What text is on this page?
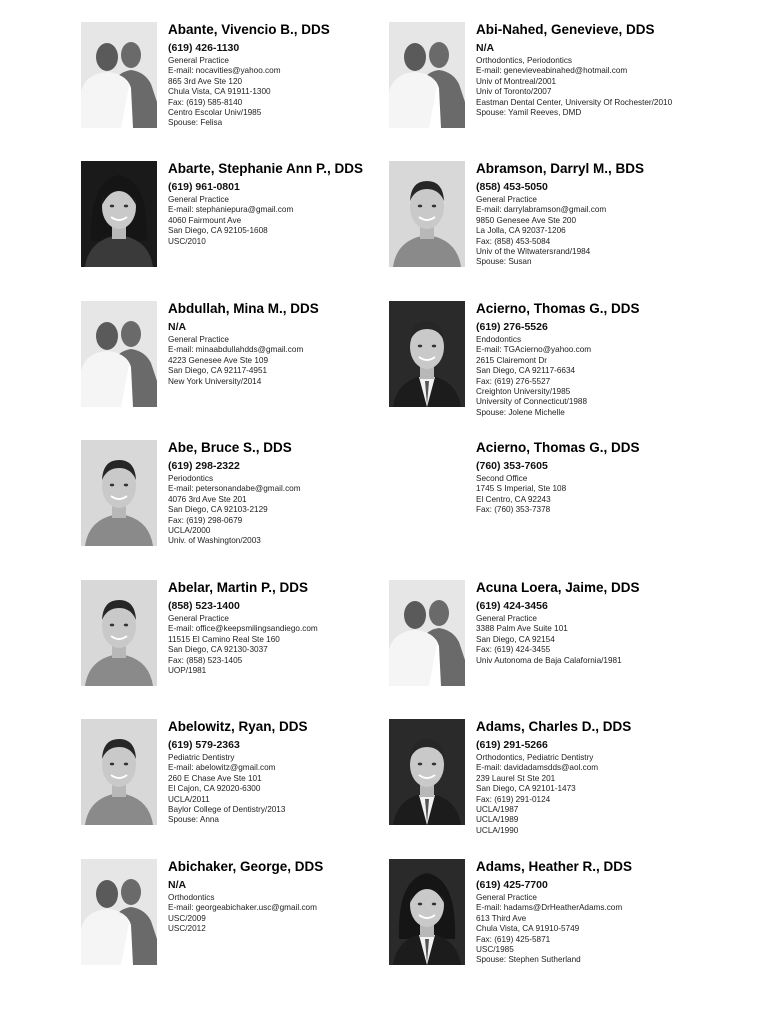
Abante, Vivencio B., DDS
(619) 426-1130
General Practice
E-mail: nocavities@yahoo.com
865 3rd Ave Ste 120
Chula Vista, CA 91911-1300
Fax: (619) 585-8140
Centro Escolar Univ/1985
Spouse: Felisa
Abi-Nahed, Genevieve, DDS
N/A
Orthodontics, Periodontics
E-mail: genevieveabinahed@hotmail.com
Univ of Montreal/2001
Univ of Toronto/2007
Eastman Dental Center, University Of Rochester/2010
Spouse: Yamil Reeves, DMD
Abarte, Stephanie Ann P., DDS
(619) 961-0801
General Practice
E-mail: stephaniepura@gmail.com
4060 Fairmount Ave
San Diego, CA 92105-1608
USC/2010
Abramson, Darryl M., BDS
(858) 453-5050
General Practice
E-mail: darrylabramson@gmail.com
9850 Genesee Ave Ste 200
La Jolla, CA 92037-1206
Fax: (858) 453-5084
Univ of the Witwatersrand/1984
Spouse: Susan
Abdullah, Mina M., DDS
N/A
General Practice
E-mail: minaabdullahdds@gmail.com
4223 Genesee Ave Ste 109
San Diego, CA 92117-4951
New York University/2014
Acierno, Thomas G., DDS
(619) 276-5526
Endodontics
E-mail: TGAcierno@yahoo.com
2615 Clairemont Dr
San Diego, CA 92117-6634
Fax: (619) 276-5527
Creighton University/1985
University of Connecticut/1988
Spouse: Jolene Michelle
Abe, Bruce S., DDS
(619) 298-2322
Periodontics
E-mail: petersonandabe@gmail.com
4076 3rd Ave Ste 201
San Diego, CA 92103-2129
Fax: (619) 298-0679
UCLA/2000
Univ. of Washington/2003
Acierno, Thomas G., DDS
(760) 353-7605
Second Office
1745 S Imperial, Ste 108
El Centro, CA 92243
Fax: (760) 353-7378
Abelar, Martin P., DDS
(858) 523-1400
General Practice
E-mail: office@keepsmilingsandiego.com
11515 El Camino Real Ste 160
San Diego, CA 92130-3037
Fax: (858) 523-1405
UOP/1981
Acuna Loera, Jaime, DDS
(619) 424-3456
General Practice
3388 Palm Ave Suite 101
San Diego, CA 92154
Fax: (619) 424-3455
Univ Autonoma de Baja Calafornia/1981
Abelowitz, Ryan, DDS
(619) 579-2363
Pediatric Dentistry
E-mail: abelowitz@gmail.com
260 E Chase Ave Ste 101
El Cajon, CA 92020-6300
UCLA/2011
Baylor College of Dentistry/2013
Spouse: Anna
Adams, Charles D., DDS
(619) 291-5266
Orthodontics, Pediatric Dentistry
E-mail: davidadamsdds@aol.com
239 Laurel St Ste 201
San Diego, CA 92101-1473
Fax: (619) 291-0124
UCLA/1987
UCLA/1989
UCLA/1990
Abichaker, George, DDS
N/A
Orthodontics
E-mail: georgeabichaker.usc@gmail.com
USC/2009
USC/2012
Adams, Heather R., DDS
(619) 425-7700
General Practice
E-mail: hadams@DrHeatherAdams.com
613 Third Ave
Chula Vista, CA 91910-5749
Fax: (619) 425-5871
USC/1985
Spouse: Stephen Sutherland
